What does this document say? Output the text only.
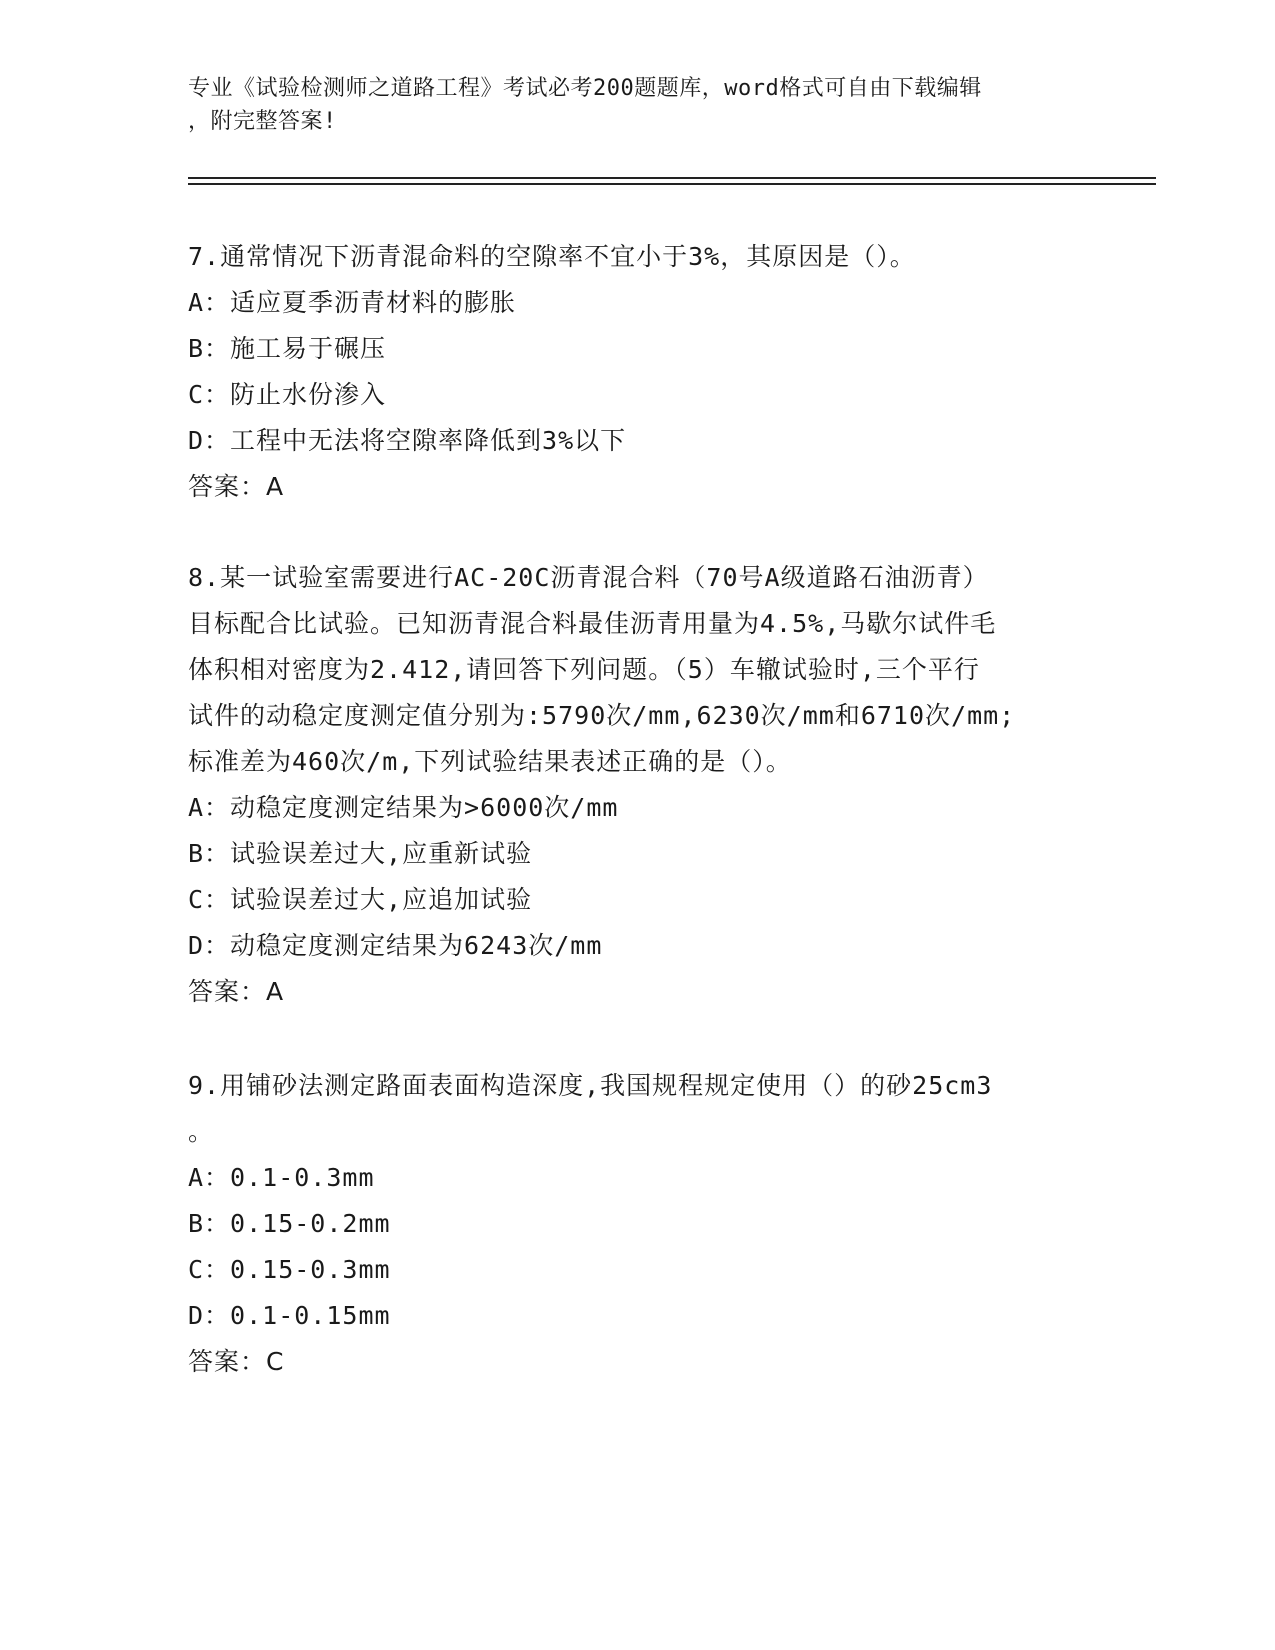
专业《试验检测师之道路工程》考试必考200题题库，word格式可自由下载编辑
，附完整答案!
7.通常情况下沥青混命料的空隙率不宜小于3%，其原因是（）。
A：适应夏季沥青材料的膨胀
B：施工易于碾压
C：防止水份渗入
D：工程中无法将空隙率降低到3%以下
答案：A
8.某一试验室需要进行AC-20C沥青混合料（70号A级道路石油沥青）
目标配合比试验。已知沥青混合料最佳沥青用量为4.5%,马歇尔试件毛
体积相对密度为2.412,请回答下列问题。（5）车辙试验时,三个平行
试件的动稳定度测定值分别为:5790次/mm,6230次/mm和6710次/mm;
标准差为460次/m,下列试验结果表述正确的是（）。
A：动稳定度测定结果为>6000次/mm
B：试验误差过大,应重新试验
C：试验误差过大,应追加试验
D：动稳定度测定结果为6243次/mm
答案：A
9.用铺砂法测定路面表面构造深度,我国规程规定使用（）的砂25cm3
。
A：0.1-0.3mm
B：0.15-0.2mm
C：0.15-0.3mm
D：0.1-0.15mm
答案：C
